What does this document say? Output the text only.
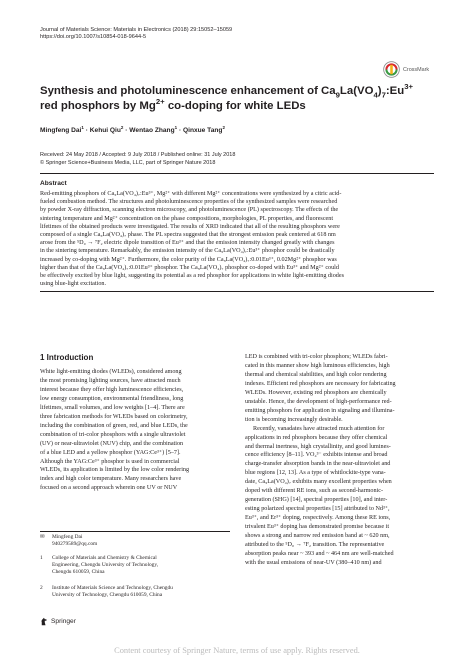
Journal of Materials Science: Materials in Electronics (2018) 29:15052–15059
https://doi.org/10.1007/s10854-018-9644-5
CrossMark
Synthesis and photoluminescence enhancement of $Ca_9La(VO_4)_7:Eu^{3+}$
red phosphors by $Mg^{2+}$ co-doping for white LEDs
Mingfeng Dai$^1$ · Kehui Qiu$^2$ · Wentao Zhang$^1$ · Qinxue Tang$^2$
Received: 24 May 2018 / Accepted: 9 July 2018 / Published online: 31 July 2018
© Springer Science+Business Media, LLC, part of Springer Nature 2018
Abstract
Red-emitting phosphors of Ca₉La(VO₄)₇:Eu³⁺, Mg²⁺ with different Mg²⁺ concentrations were synthesized by a citric acid-
fueled combustion method. The structures and photoluminescence properties of the synthesized samples were researched
by powder X-ray diffraction, scanning electron microscopy, and photoluminescence (PL) spectroscopy. The effects of the
sintering temperature and Mg²⁺ concentration on the phase compositions, morphologies, PL properties, and fluorescent
lifetimes of the obtained products were investigated. The results of XRD indicated that all of the resulting phosphors were
composed of a single Ca₉La(VO₄)₇ phase. The PL spectra suggested that the strongest emission peak centered at 618 nm
arose from the ⁵D₀ → ⁷F₂ electric dipole transition of Eu³⁺ and that the emission intensity changed greatly with changes
in the sintering temperature. Remarkably, the emission intensity of the Ca₉La(VO₄)₇:Eu³⁺ phosphor could be drastically
increased by co-doping with Mg²⁺. Furthermore, the color purity of the Ca₉La(VO₄)₇:0.01Eu³⁺, 0.02Mg²⁺ phosphor was
higher than that of the Ca₉La(VO₄)₇:0.01Eu³⁺ phosphor. The Ca₉La(VO₄)₇ phosphor co-doped with Eu³⁺ and Mg²⁺ could
be effectively excited by blue light, suggesting its potential as a red phosphor for applications in white light-emitting diodes
using blue-light excitation.
1 Introduction
White light-emitting diodes (WLEDs), considered among
the most promising lighting sources, have attracted much
interest because they offer high luminescence efficiencies,
low energy consumption, environmental friendliness, long
lifetimes, small volumes, and low weights [1–4]. There are
three fabrication methods for WLEDs based on colorimetry,
including the combination of green, red, and blue LEDs, the
combination of tri-color phosphors with a single ultraviolet
(UV) or near-ultraviolet (NUV) chip, and the combination
of a blue LED and a yellow phosphor (YAG:Ce³⁺) [5–7].
Although the YAG:Ce³⁺ phosphor is used in commercial
WLEDs, its application is limited by the low color rendering
index and high color temperature. Many researchers have
focused on a second approach wherein one UV or NUV
LED is combined with tri-color phosphors; WLEDs fabri-
cated in this manner show high luminous efficiencies, high
thermal and chemical stabilities, and high color rendering
indexes. Efficient red phosphors are necessary for fabricating
WLEDs. However, existing red phosphors are chemically
unstable. Hence, the development of high-performance red-
emitting phosphors for application in signaling and illumina-
tion is becoming increasingly desirable.
Recently, vanadates have attracted much attention for
applications in red phosphors because they offer chemical
and thermal inertness, high crystallinity, and good lumines-
cence efficiency [8–11]. VO₄³⁻ exhibits intense and broad
charge-transfer absorption bands in the near-ultraviolet and
blue regions [12, 13]. As a type of whitlockite-type vana-
date, Ca₉La(VO₄)₇ exhibits many excellent properties when
doped with different RE ions, such as second-harmonic-
generation (SHG) [14], spectral properties [10], and inter-
esting polarized spectral properties [15] attributed to Nd³⁺,
Eu³⁺, and Er³⁺ doping, respectively. Among these RE ions,
trivalent Eu³⁺ doping has demonstrated promise because it
shows a strong and narrow red emission band at ~ 620 nm,
attributed to the ⁵D₀ → ⁷F₂ transition. The representative
absorption peaks near ~ 393 and ~ 464 nm are well-matched
with the usual emissions of near-UV (380–410 nm) and
✉ Mingfeng Dai
940279589@qq.com
1 College of Materials and Chemistry & Chemical
Engineering, Chengdu University of Technology,
Chengdu 610059, China
2 Institute of Materials Science and Technology, Chengdu
University of Technology, Chengdu 610059, China
Springer
Content courtesy of Springer Nature, terms of use apply. Rights reserved.
